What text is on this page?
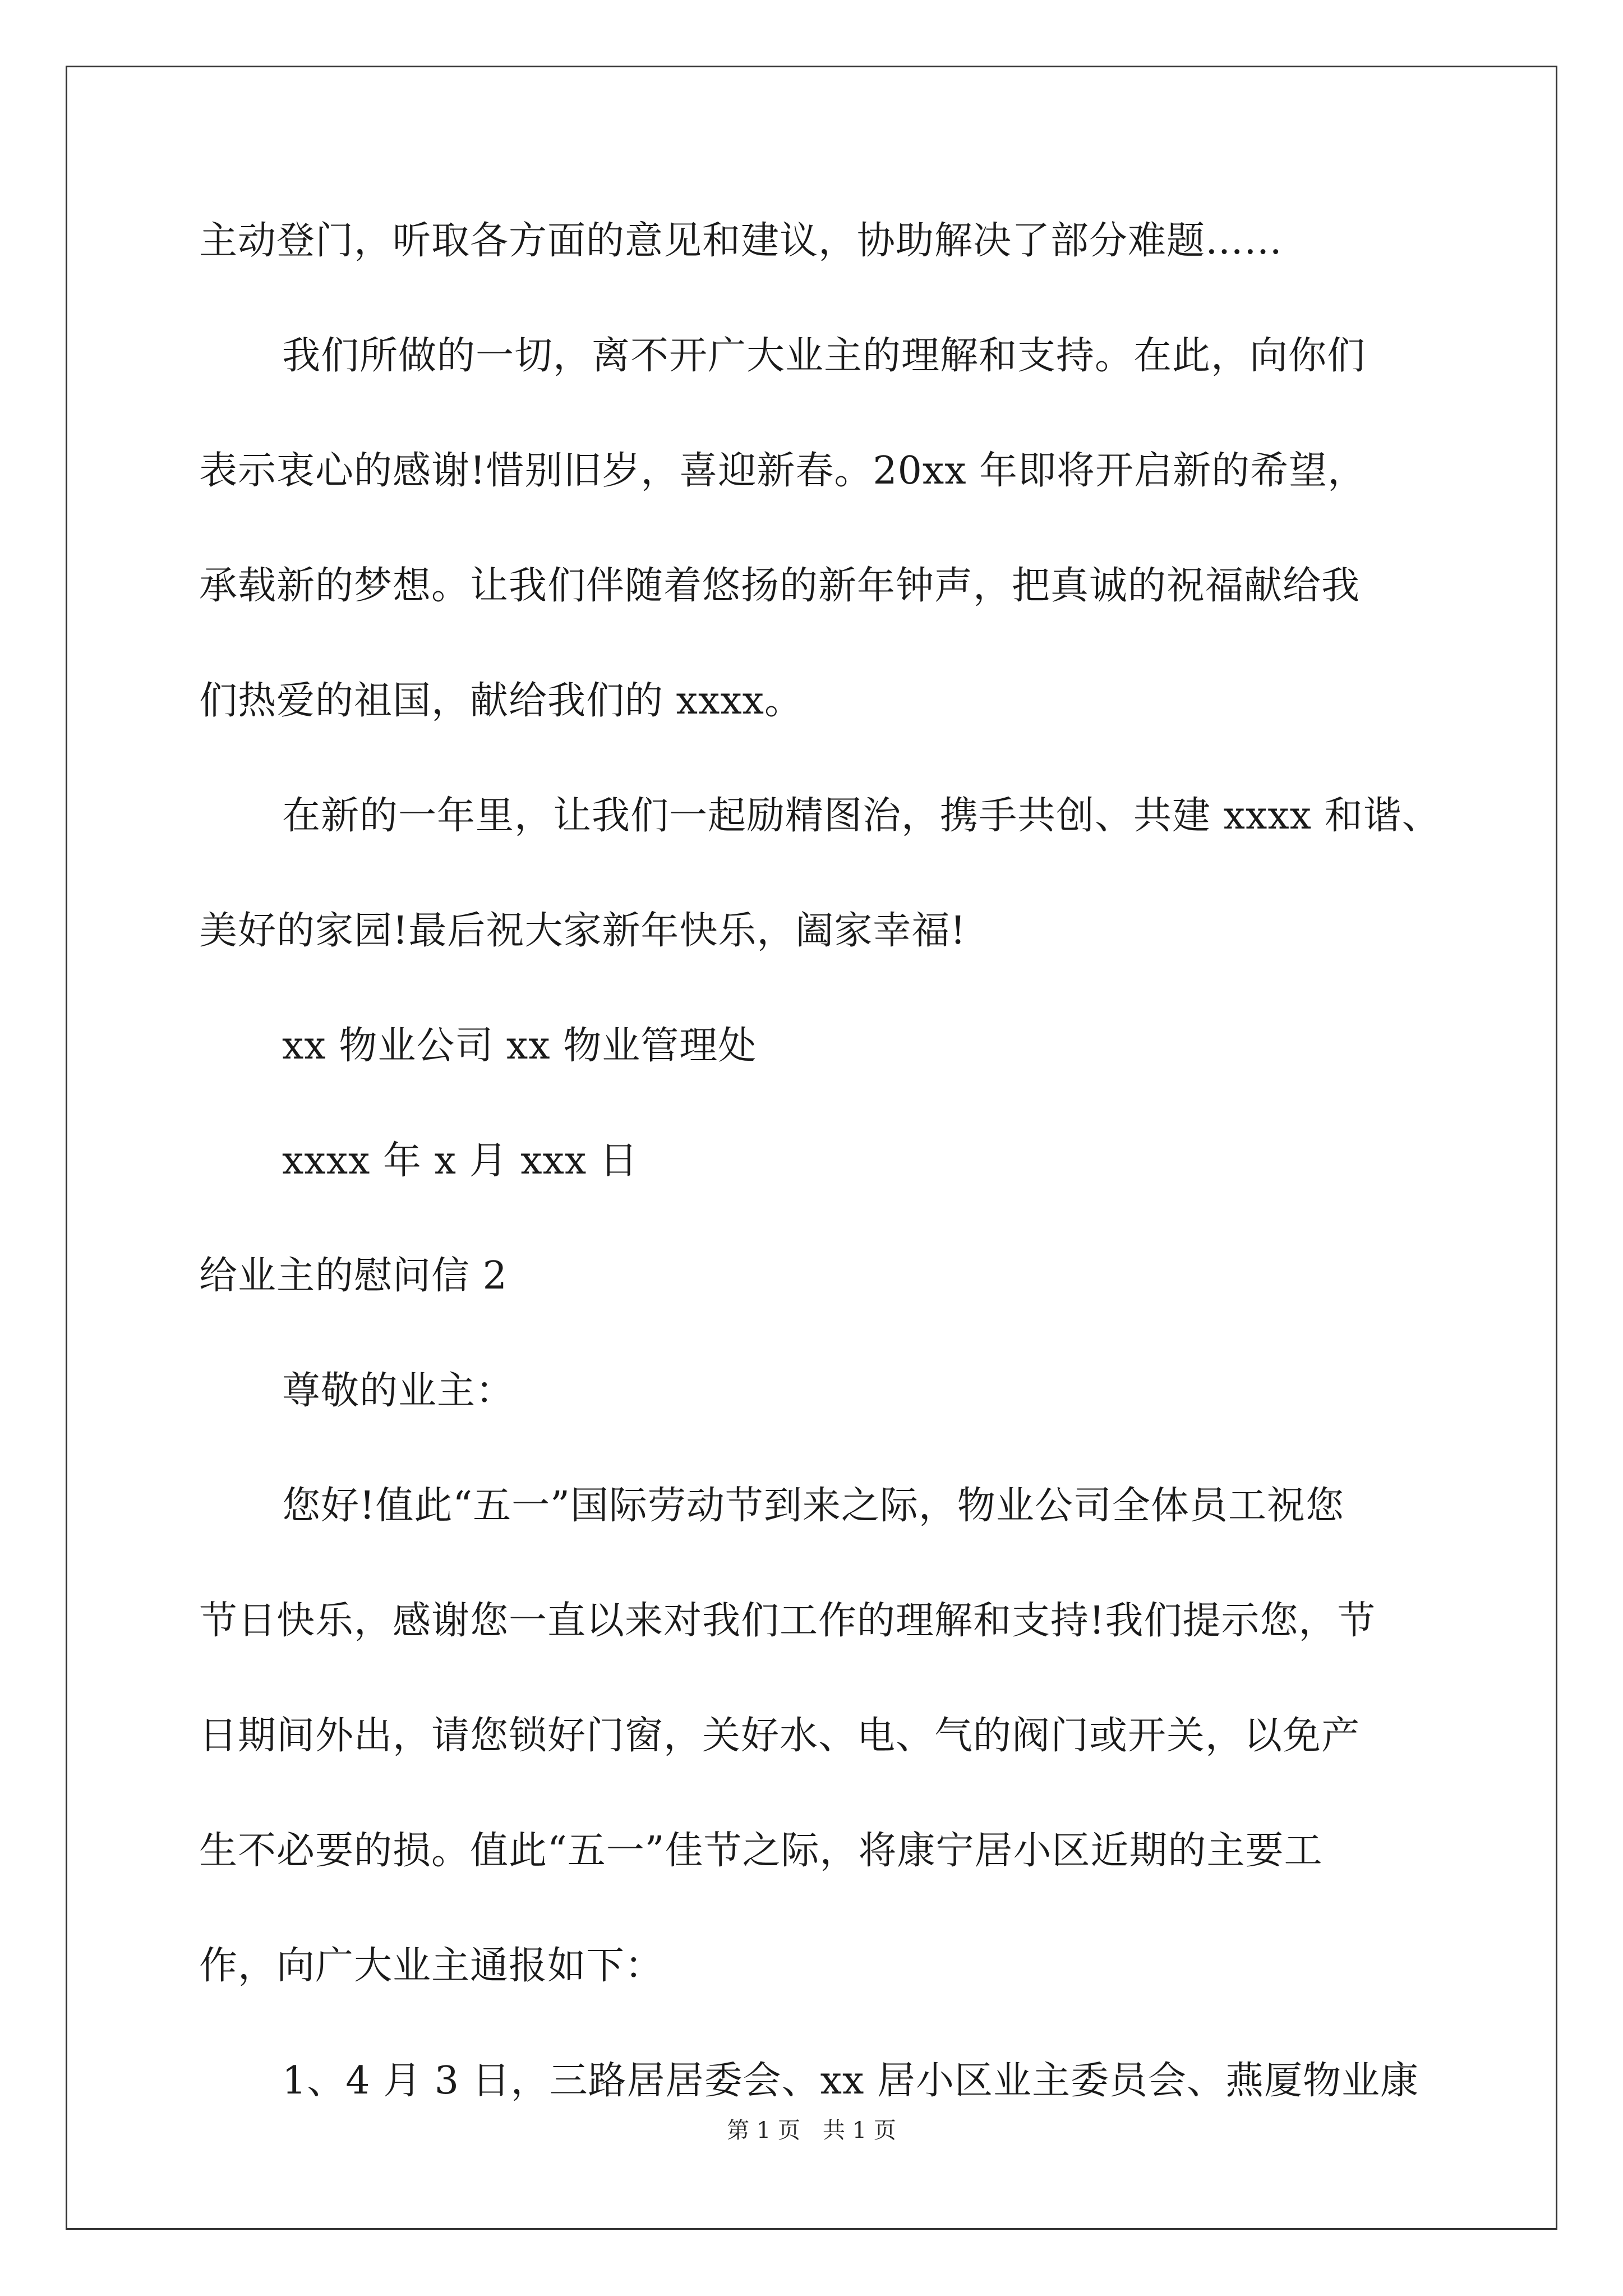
主动登门，听取各方面的意见和建议，协助解决了部分难题……
我们所做的一切，离不开广大业主的理解和支持。在此，向你们
表示衷心的感谢!惜别旧岁，喜迎新春。20xx 年即将开启新的希望，
承载新的梦想。让我们伴随着悠扬的新年钟声，把真诚的祝福献给我
们热爱的祖国，献给我们的 xxxx。
在新的一年里，让我们一起励精图治，携手共创、共建 xxxx 和谐、
美好的家园!最后祝大家新年快乐，阖家幸福!
xx 物业公司 xx 物业管理处
xxxx 年 x 月 xxx 日
给业主的慰问信 2
尊敬的业主：
您好!值此“五一”国际劳动节到来之际，物业公司全体员工祝您
节日快乐，感谢您一直以来对我们工作的理解和支持!我们提示您，节
日期间外出，请您锁好门窗，关好水、电、气的阀门或开关，以免产
生不必要的损。值此“五一”佳节之际，将康宁居小区近期的主要工
作，向广大业主通报如下：
1、4 月 3 日，三路居居委会、xx 居小区业主委员会、燕厦物业康
第 1 页 共 1 页
